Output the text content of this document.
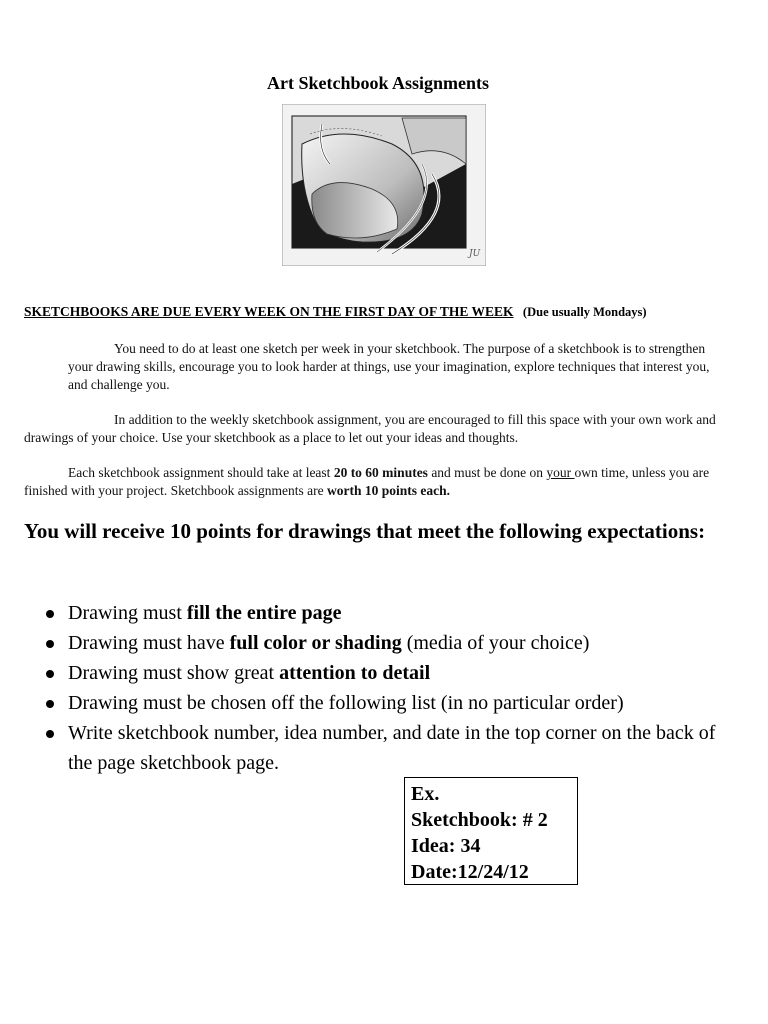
Art Sketchbook Assignments
JU
SKETCHBOOKS ARE DUE EVERY WEEK ON THE FIRST DAY OF THE WEEK (Due usually Mondays)
You need to do at least one sketch per week in your sketchbook. The purpose of a sketchbook is to strengthen your drawing skills, encourage you to look harder at things, use your imagination, explore techniques that interest you, and challenge you.
In addition to the weekly sketchbook assignment, you are encouraged to fill this space with your own work and drawings of your choice. Use your sketchbook as a place to let out your ideas and thoughts.
Each sketchbook assignment should take at least 20 to 60 minutes and must be done on your own time, unless you are finished with your project. Sketchbook assignments are worth 10 points each.
You will receive 10 points for drawings that meet the following expectations:
Drawing must fill the entire page
Drawing must have full color or shading (media of your choice)
Drawing must show great attention to detail
Drawing must be chosen off the following list (in no particular order)
Write sketchbook number, idea number, and date in the top corner on the back of the page sketchbook page.
Ex.
Sketchbook: # 2
Idea: 34
Date:12/24/12
